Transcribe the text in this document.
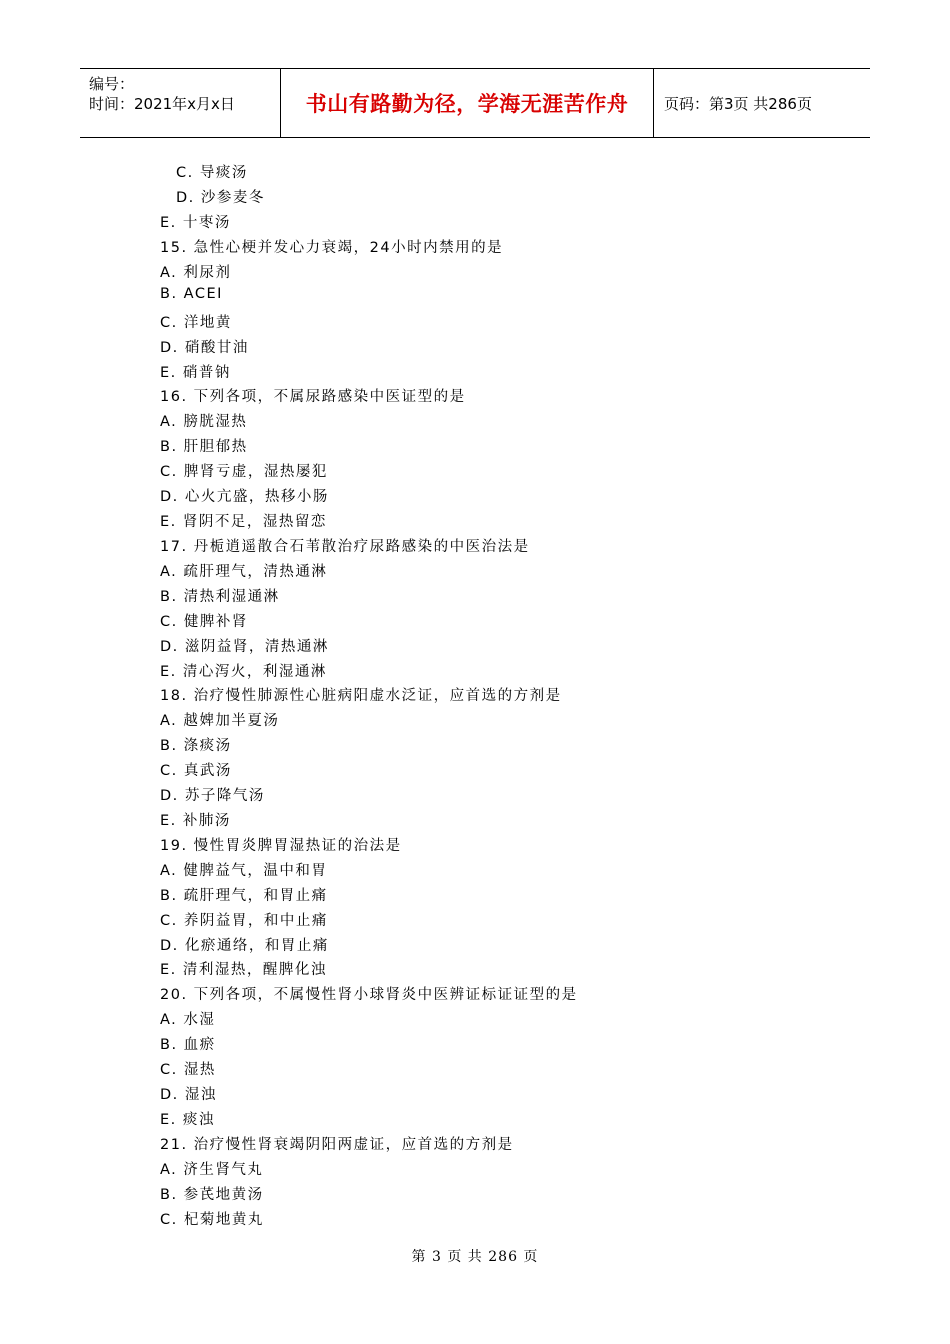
编号：
时间：2021年x月x日	书山有路勤为径，学海无涯苦作舟	页码：第3页 共286页
C. 导痰汤
D. 沙参麦冬
E. 十枣汤
15. 急性心梗并发心力衰竭，24小时内禁用的是
A. 利尿剂
B. ACEI
C. 洋地黄
D. 硝酸甘油
E. 硝普钠
16. 下列各项，不属尿路感染中医证型的是
A. 膀胱湿热
B. 肝胆郁热
C. 脾肾亏虚，湿热屡犯
D. 心火亢盛，热移小肠
E. 肾阴不足，湿热留恋
17. 丹栀逍遥散合石苇散治疗尿路感染的中医治法是
A. 疏肝理气，清热通淋
B. 清热利湿通淋
C. 健脾补肾
D. 滋阴益肾，清热通淋
E. 清心泻火，利湿通淋
18. 治疗慢性肺源性心脏病阳虚水泛证，应首选的方剂是
A. 越婢加半夏汤
B. 涤痰汤
C. 真武汤
D. 苏子降气汤
E. 补肺汤
19. 慢性胃炎脾胃湿热证的治法是
A. 健脾益气，温中和胃
B. 疏肝理气，和胃止痛
C. 养阴益胃，和中止痛
D. 化瘀通络，和胃止痛
E. 清利湿热，醒脾化浊
20. 下列各项，不属慢性肾小球肾炎中医辨证标证证型的是
A. 水湿
B. 血瘀
C. 湿热
D. 湿浊
E. 痰浊
21. 治疗慢性肾衰竭阴阳两虚证，应首选的方剂是
A. 济生肾气丸
B. 参芪地黄汤
C. 杞菊地黄丸
第 3 页 共 286 页
